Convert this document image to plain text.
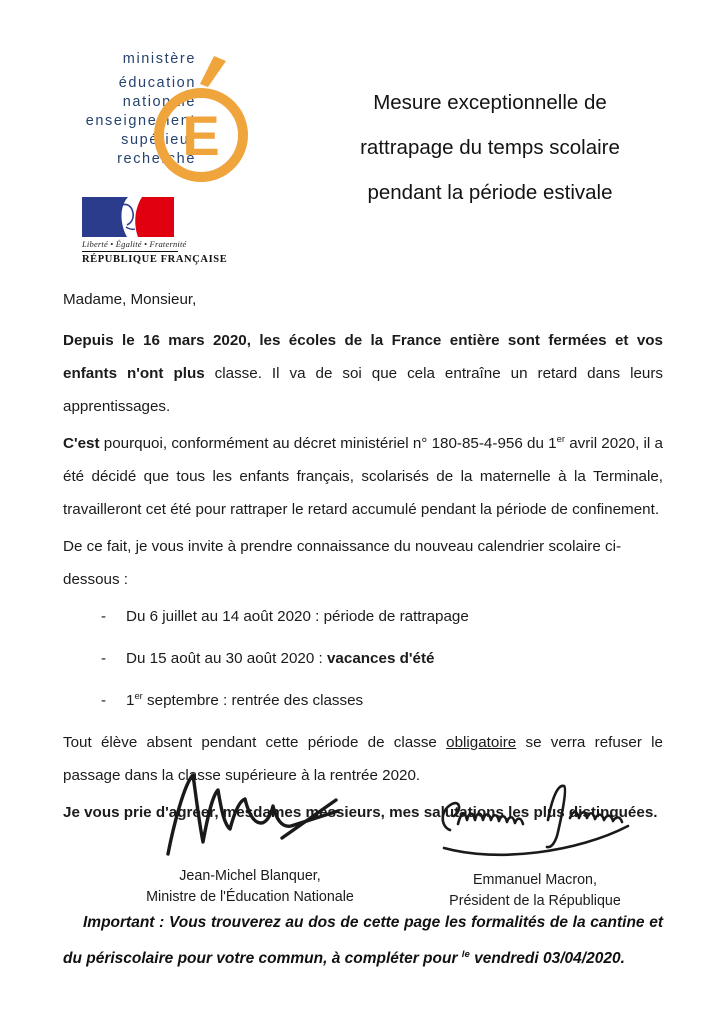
ministère
éducation
nationale
enseignement
supérieur
recherche
E
Liberté • Égalité • Fraternité
RÉPUBLIQUE FRANÇAISE
Mesure exceptionnelle de
rattrapage du temps scolaire
pendant la période estivale
Madame, Monsieur,

Depuis le 16 mars 2020, les écoles de la France entière sont fermées et vos enfants n'ont plus classe. Il va de soi que cela entraîne un retard dans leurs apprentissages.

C'est pourquoi, conformément au décret ministériel n° 180-85-4-956 du 1er avril 2020, il a été décidé que tous les enfants français, scolarisés de la maternelle à la Terminale, travailleront cet été pour rattraper le retard accumulé pendant la période de confinement.

De ce fait, je vous invite à prendre connaissance du nouveau calendrier scolaire ci-dessous :

-	Du 6 juillet au 14 août 2020 : période de rattrapage
-	Du 15 août au 30 août 2020 : vacances d'été
-	1er septembre : rentrée des classes

Tout élève absent pendant cette période de classe obligatoire se verra refuser le passage dans la classe supérieure à la rentrée 2020.

Je vous prie d'agréer, mesdames messieurs, mes salutations les plus distinguées.

Jean-Michel Blanquer,
Ministre de l'Éducation Nationale
Emmanuel Macron,
Président de la République
Important : Vous trouverez au dos de cette page les formalités de la cantine et du périscolaire pour votre commun, à compléter pour $^{le}$ vendredi 03/04/2020.
